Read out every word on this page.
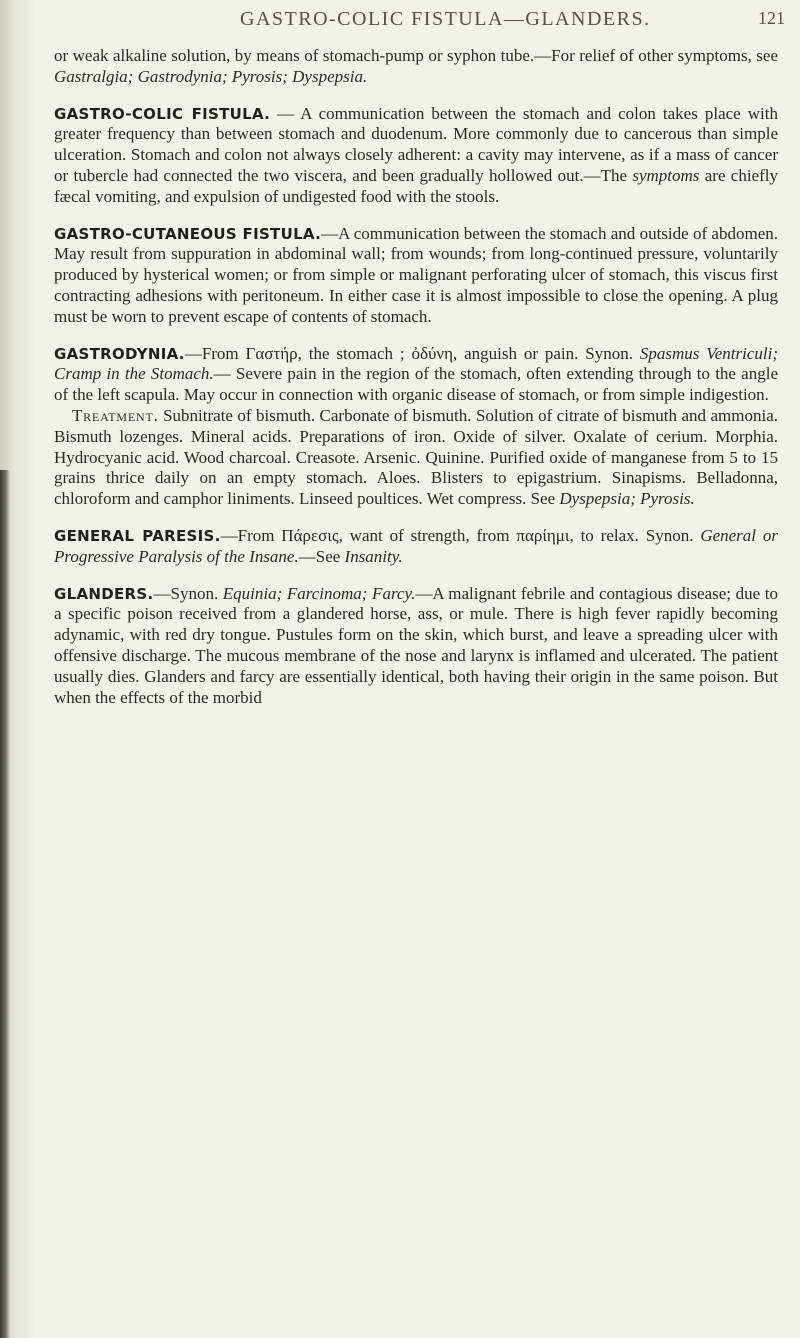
GASTRO-COLIC FISTULA—GLANDERS.	121

or weak alkaline solution, by means of stomach-pump or syphon tube.—For relief of other symptoms, see Gastralgia; Gastrodynia; Pyrosis; Dyspepsia.

GASTRO-COLIC FISTULA. — A communication between the stomach and colon takes place with greater frequency than between stomach and duodenum. More commonly due to cancerous than simple ulceration. Stomach and colon not always closely adherent: a cavity may intervene, as if a mass of cancer or tubercle had connected the two viscera, and been gradually hollowed out.—The symptoms are chiefly fæcal vomiting, and expulsion of undigested food with the stools.

GASTRO-CUTANEOUS FISTULA.—A communication between the stomach and outside of abdomen. May result from suppuration in abdominal wall; from wounds; from long-continued pressure, voluntarily produced by hysterical women; or from simple or malignant perforating ulcer of stomach, this viscus first contracting adhesions with peritoneum. In either case it is almost impossible to close the opening. A plug must be worn to prevent escape of contents of stomach.

GASTRODYNIA.—From Γαστήρ, the stomach ; ὀδύνη, anguish or pain. Synon. Spasmus Ventriculi; Cramp in the Stomach.— Severe pain in the region of the stomach, often extending through to the angle of the left scapula. May occur in connection with organic disease of stomach, or from simple indigestion.

Treatment. Subnitrate of bismuth. Carbonate of bismuth. Solution of citrate of bismuth and ammonia. Bismuth lozenges. Mineral acids. Preparations of iron. Oxide of silver. Oxalate of cerium. Morphia. Hydrocyanic acid. Wood charcoal. Creasote. Arsenic. Quinine. Purified oxide of manganese from 5 to 15 grains thrice daily on an empty stomach. Aloes. Blisters to epigastrium. Sinapisms. Belladonna, chloroform and camphor liniments. Linseed poultices. Wet compress. See Dyspepsia; Pyrosis.

GENERAL PARESIS.—From Πάρεσις, want of strength, from παρίημι, to relax. Synon. General or Progressive Paralysis of the Insane.—See Insanity.

GLANDERS.—Synon. Equinia; Farcinoma; Farcy.—A malignant febrile and contagious disease; due to a specific poison received from a glandered horse, ass, or mule. There is high fever rapidly becoming adynamic, with red dry tongue. Pustules form on the skin, which burst, and leave a spreading ulcer with offensive discharge. The mucous membrane of the nose and larynx is inflamed and ulcerated. The patient usually dies. Glanders and farcy are essentially identical, both having their origin in the same poison. But when the effects of the morbid
